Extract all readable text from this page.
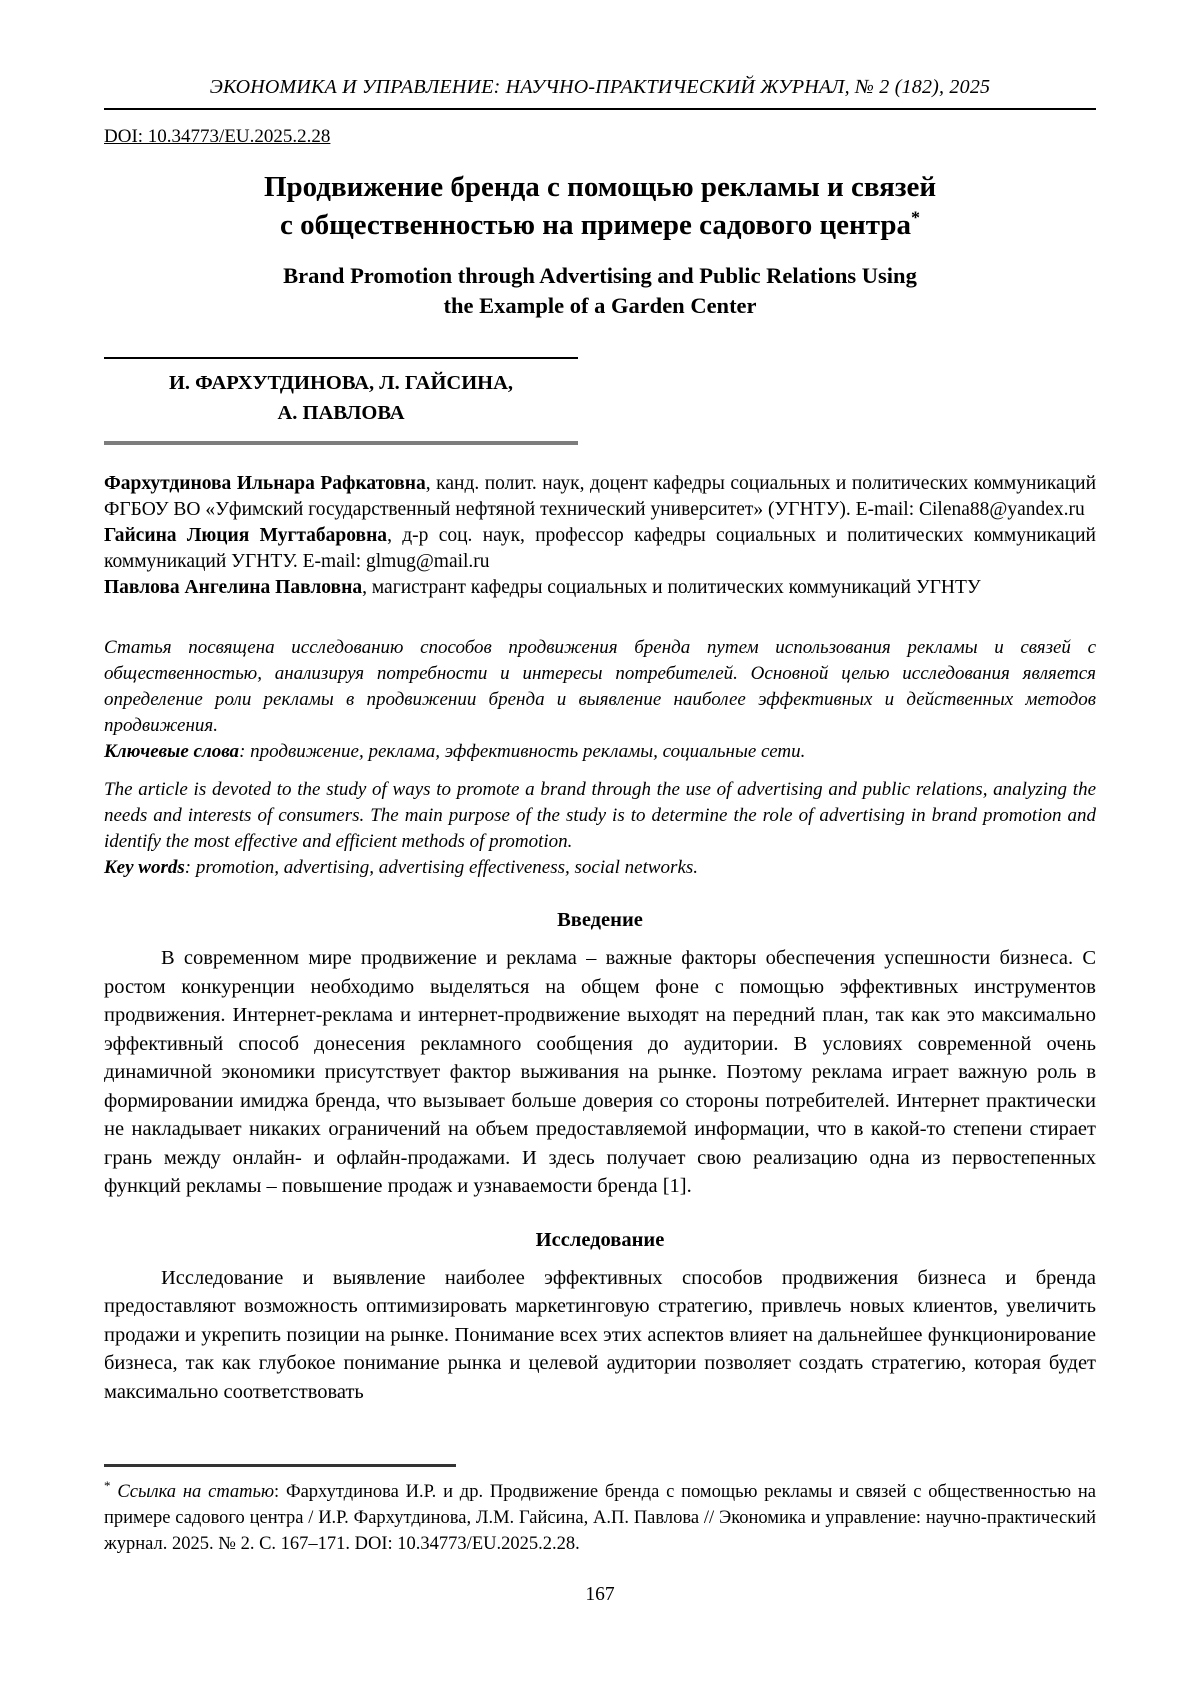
ЭКОНОМИКА И УПРАВЛЕНИЕ: НАУЧНО-ПРАКТИЧЕСКИЙ ЖУРНАЛ, № 2 (182), 2025
DOI: 10.34773/EU.2025.2.28
Продвижение бренда с помощью рекламы и связей
с общественностью на примере садового центра*
Brand Promotion through Advertising and Public Relations Using
the Example of a Garden Center
И. ФАРХУТДИНОВА, Л. ГАЙСИНА,
А. ПАВЛОВА

Фархутдинова Ильнара Рафкатовна, канд. полит. наук, доцент кафедры социальных и политических коммуникаций ФГБОУ ВО «Уфимский государственный нефтяной технический университет» (УГНТУ). E-mail: Cilena88@yandex.ru

Гайсина Люция Мугтабаровна, д-р соц. наук, профессор кафедры социальных и политических коммуникаций коммуникаций УГНТУ. E-mail: glmug@mail.ru

Павлова Ангелина Павловна, магистрант кафедры социальных и политических коммуникаций УГНТУ

Статья посвящена исследованию способов продвижения бренда путем использования рекламы и связей с общественностью, анализируя потребности и интересы потребителей. Основной целью исследования является определение роли рекламы в продвижении бренда и выявление наиболее эффективных и действенных методов продвижения.

Ключевые слова: продвижение, реклама, эффективность рекламы, социальные сети.

The article is devoted to the study of ways to promote a brand through the use of advertising and public relations, analyzing the needs and interests of consumers. The main purpose of the study is to determine the role of advertising in brand promotion and identify the most effective and efficient methods of promotion.

Key words: promotion, advertising, advertising effectiveness, social networks.

Введение

В современном мире продвижение и реклама – важные факторы обеспечения успешности бизнеса. С ростом конкуренции необходимо выделяться на общем фоне с помощью эффективных инструментов продвижения. Интернет-реклама и интернет-продвижение выходят на передний план, так как это максимально эффективный способ донесения рекламного сообщения до аудитории. В условиях современной очень динамичной экономики присутствует фактор выживания на рынке. Поэтому реклама играет важную роль в формировании имиджа бренда, что вызывает больше доверия со стороны потребителей. Интернет практически не накладывает никаких ограничений на объем предоставляемой информации, что в какой-то степени стирает грань между онлайн- и офлайн-продажами. И здесь получает свою реализацию одна из первостепенных функций рекламы – повышение продаж и узнаваемости бренда [1].

Исследование

Исследование и выявление наиболее эффективных способов продвижения бизнеса и бренда предоставляют возможность оптимизировать маркетинговую стратегию, привлечь новых клиентов, увеличить продажи и укрепить позиции на рынке. Понимание всех этих аспектов влияет на дальнейшее функционирование бизнеса, так как глубокое понимание рынка и целевой аудитории позволяет создать стратегию, которая будет максимально соответствовать

* Ссылка на статью: Фархутдинова И.Р. и др. Продвижение бренда с помощью рекламы и связей с общественностью на примере садового центра / И.Р. Фархутдинова, Л.М. Гайсина, А.П. Павлова // Экономика и управление: научно-практический журнал. 2025. № 2. С. 167–171. DOI: 10.34773/EU.2025.2.28.

167
